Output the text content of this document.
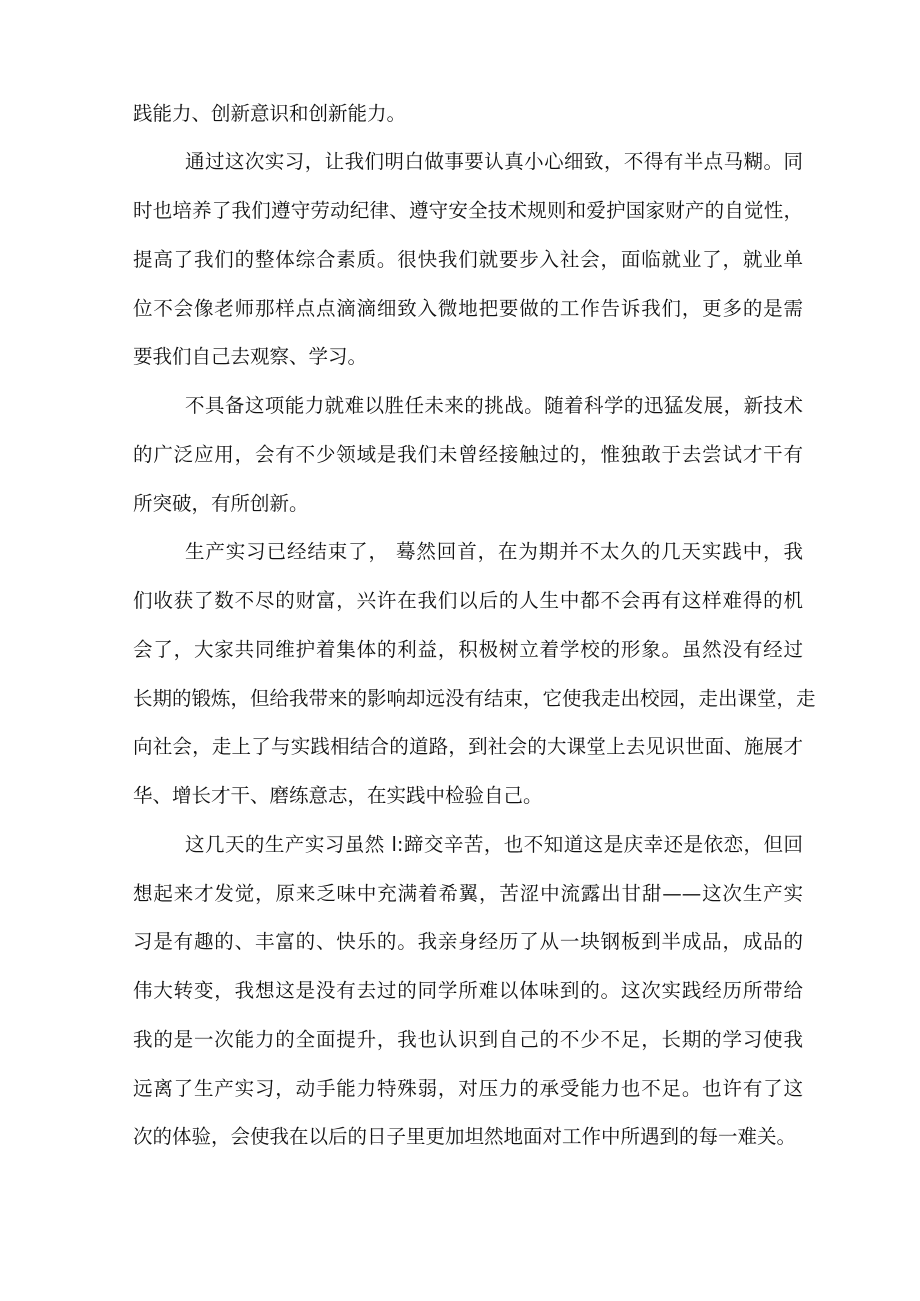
践能力、创新意识和创新能力。
通过这次实习，让我们明白做事要认真小心细致，不得有半点马糊。同
时也培养了我们遵守劳动纪律、遵守安全技术规则和爱护国家财产的自觉性，
提高了我们的整体综合素质。很快我们就要步入社会，面临就业了，就业单
位不会像老师那样点点滴滴细致入微地把要做的工作告诉我们，更多的是需
要我们自己去观察、学习。
不具备这项能力就难以胜任未来的挑战。随着科学的迅猛发展，新技术
的广泛应用，会有不少领域是我们未曾经接触过的，惟独敢于去尝试才干有
所突破，有所创新。
生产实习已经结束了， 蓦然回首，在为期并不太久的几天实践中，我
们收获了数不尽的财富，兴许在我们以后的人生中都不会再有这样难得的机
会了，大家共同维护着集体的利益，积极树立着学校的形象。虽然没有经过
长期的锻炼，但给我带来的影响却远没有结束，它使我走出校园，走出课堂，走
向社会，走上了与实践相结合的道路，到社会的大课堂上去见识世面、施展才
华、增长才干、磨练意志，在实践中检验自己。
这几天的生产实习虽然 l:蹄交辛苦，也不知道这是庆幸还是依恋，但回
想起来才发觉，原来乏味中充满着希翼，苦涩中流露出甘甜——这次生产实
习是有趣的、丰富的、快乐的。我亲身经历了从一块钢板到半成品，成品的
伟大转变，我想这是没有去过的同学所难以体味到的。这次实践经历所带给
我的是一次能力的全面提升，我也认识到自己的不少不足，长期的学习使我
远离了生产实习，动手能力特殊弱，对压力的承受能力也不足。也许有了这
次的体验，会使我在以后的日子里更加坦然地面对工作中所遇到的每一难关。
